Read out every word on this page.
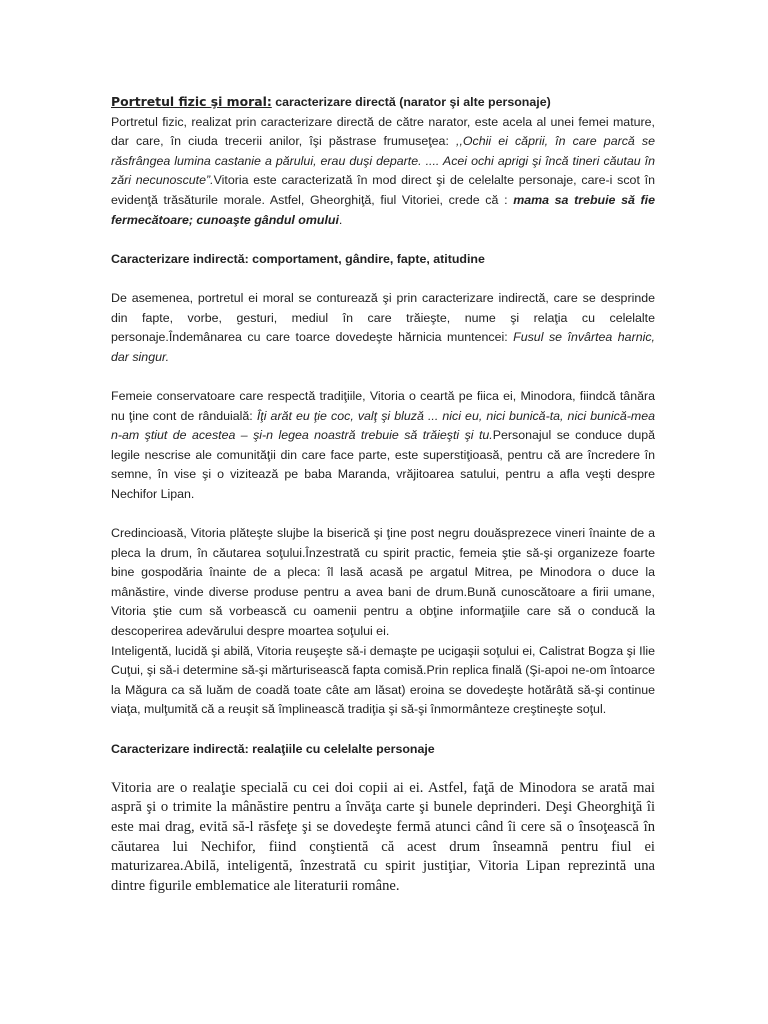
Portretul fizic şi moral: caracterizare directă (narator şi alte personaje)

Portretul fizic, realizat prin caracterizare directă de către narator, este acela al unei femei mature, dar care, în ciuda trecerii anilor, îşi păstrase frumuseţea: ,,Ochii ei căprii, în care parcă se răsfrângea lumina castanie a părului, erau duşi departe. .... Acei ochi aprigi şi încă tineri căutau în zări necunoscute”.Vitoria este caracterizată în mod direct şi de celelalte personaje, care-i scot în evidenţă trăsăturile morale. Astfel, Gheorghiţă, fiul Vitoriei, crede că : mama sa trebuie să fie fermecătoare; cunoaşte gândul omului.

Caracterizare indirectă: comportament, gândire, fapte, atitudine

De asemenea, portretul ei moral se conturează şi prin caracterizare indirectă, care se desprinde din fapte, vorbe, gesturi, mediul în care trăieşte, nume şi relaţia cu celelalte personaje.Îndemânarea cu care toarce dovedeşte hărnicia muntencei: Fusul se învârtea harnic, dar singur.

Femeie conservatoare care respectă tradiţiile, Vitoria o ceartă pe fiica ei, Minodora, fiindcă tânăra nu ţine cont de rânduială: Îţi arăt eu ţie coc, valţ şi bluză ... nici eu, nici bunică-ta, nici bunică-mea n-am ştiut de acestea – şi-n legea noastră trebuie să trăieşti şi tu.Personajul se conduce după legile nescrise ale comunităţii din care face parte, este superstiţioasă, pentru că are încredere în semne, în vise şi o vizitează pe baba Maranda, vrăjitoarea satului, pentru a afla veşti despre Nechifor Lipan.

Credincioasă, Vitoria plăteşte slujbe la biserică şi ţine post negru douăsprezece vineri înainte de a pleca la drum, în căutarea soţului.Înzestrată cu spirit practic, femeia ştie să-şi organizeze foarte bine gospodăria înainte de a pleca: îl lasă acasă pe argatul Mitrea, pe Minodora o duce la mânăstire, vinde diverse produse pentru a avea bani de drum.Bună cunoscătoare a firii umane, Vitoria ştie cum să vorbească cu oamenii pentru a obţine informaţiile care să o conducă la descoperirea adevărului despre moartea soţului ei.

Inteligentă, lucidă şi abilă, Vitoria reuşeşte să-i demaşte pe ucigaşii soţului ei, Calistrat Bogza şi Ilie Cuţui, şi să-i determine să-şi mărturisească fapta comisă.Prin replica finală (Şi-apoi ne-om întoarce la Măgura ca să luăm de coadă toate câte am lăsat) eroina se dovedeşte hotărâtă să-şi continue viaţa, mulţumită că a reuşit să împlinească tradiţia şi să-şi înmormânteze creştineşte soţul.

Caracterizare indirectă: realaţiile cu celelalte personaje

Vitoria are o realaţie specială cu cei doi copii ai ei. Astfel, faţă de Minodora se arată mai aspră şi o trimite la mânăstire pentru a învăţa carte şi bunele deprinderi. Deşi Gheorghiţă îi este mai drag, evită să-l răsfeţe şi se dovedeşte fermă atunci când îi cere să o însoţească în căutarea lui Nechifor, fiind conştientă că acest drum înseamnă pentru fiul ei maturizarea.Abilă, inteligentă, înzestrată cu spirit justiţiar, Vitoria Lipan reprezintă una dintre figurile emblematice ale literaturii române.
